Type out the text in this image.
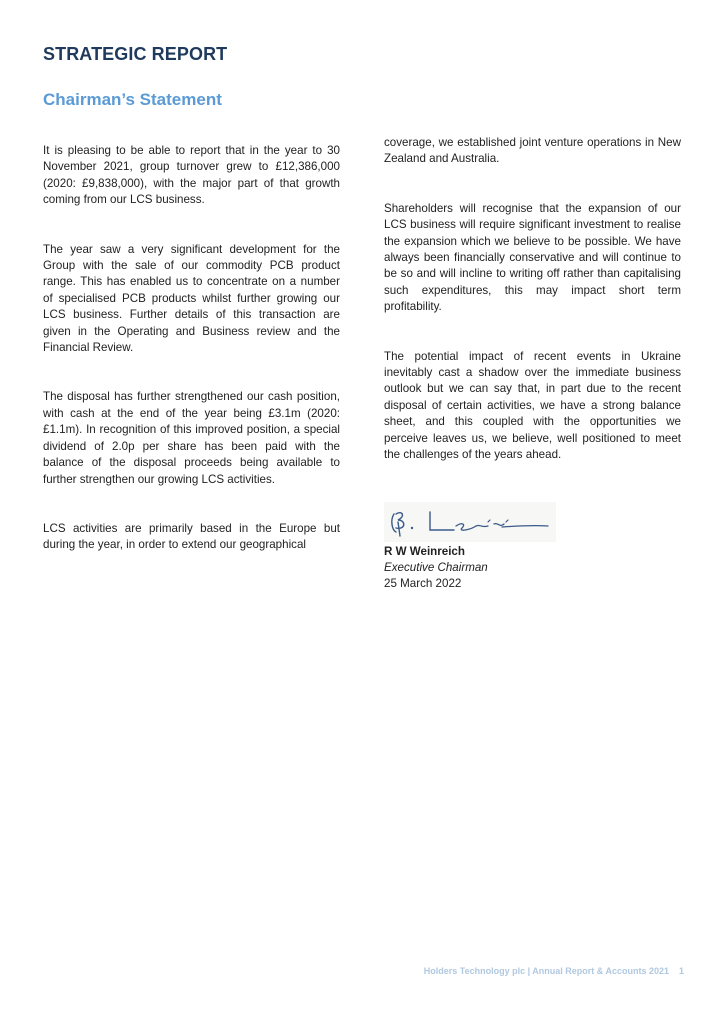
STRATEGIC REPORT
Chairman’s Statement

It is pleasing to be able to report that in the year to 30 November 2021, group turnover grew to £12,386,000 (2020: £9,838,000), with the major part of that growth coming from our LCS business.

The year saw a very significant development for the Group with the sale of our commodity PCB product range. This has enabled us to concentrate on a number of specialised PCB products whilst further growing our LCS business. Further details of this transaction are given in the Operating and Business review and the Financial Review.

The disposal has further strengthened our cash position, with cash at the end of the year being £3.1m (2020: £1.1m). In recognition of this improved position, a special dividend of 2.0p per share has been paid with the balance of the disposal proceeds being available to further strengthen our growing LCS activities.

LCS activities are primarily based in the Europe but during the year, in order to extend our geographical

coverage, we established joint venture operations in New Zealand and Australia.

Shareholders will recognise that the expansion of our LCS business will require significant investment to realise the expansion which we believe to be possible. We have always been financially conservative and will continue to be so and will incline to writing off rather than capitalising such expenditures, this may impact short term profitability.

The potential impact of recent events in Ukraine inevitably cast a shadow over the immediate business outlook but we can say that, in part due to the recent disposal of certain activities, we have a strong balance sheet, and this coupled with the opportunities we perceive leaves us, we believe, well positioned to meet the challenges of the years ahead.

R W Weinreich
Executive Chairman
25 March 2022
Holders Technology plc | Annual Report & Accounts 2021 1
